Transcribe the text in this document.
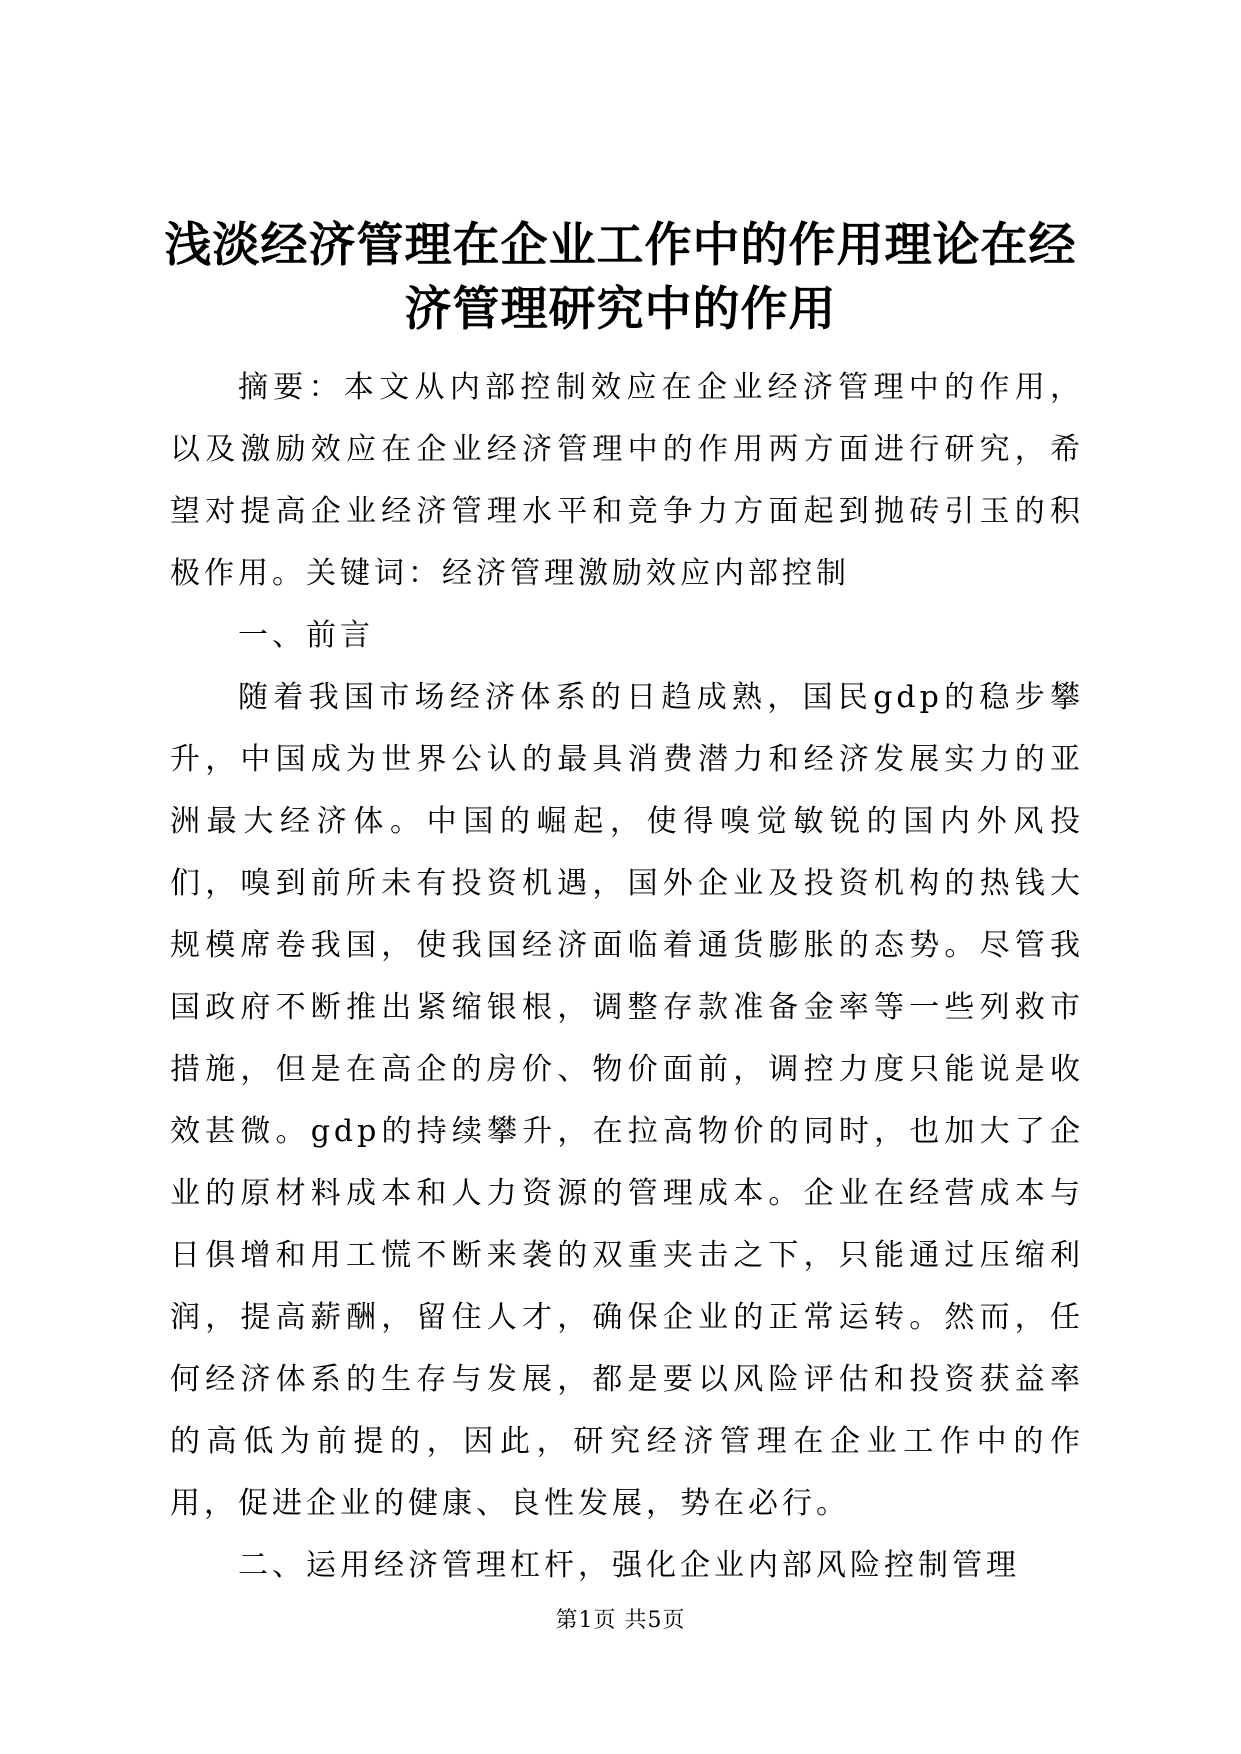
浅淡经济管理在企业工作中的作用理论在经济管理研究中的作用

摘要：本文从内部控制效应在企业经济管理中的作用，以及激励效应在企业经济管理中的作用两方面进行研究，希望对提高企业经济管理水平和竞争力方面起到抛砖引玉的积极作用。关键词：经济管理激励效应内部控制

一、前言

随着我国市场经济体系的日趋成熟，国民gdp的稳步攀升，中国成为世界公认的最具消费潜力和经济发展实力的亚洲最大经济体。中国的崛起，使得嗅觉敏锐的国内外风投们，嗅到前所未有投资机遇，国外企业及投资机构的热钱大规模席卷我国，使我国经济面临着通货膨胀的态势。尽管我国政府不断推出紧缩银根，调整存款准备金率等一些列救市措施，但是在高企的房价、物价面前，调控力度只能说是收效甚微。gdp的持续攀升，在拉高物价的同时，也加大了企业的原材料成本和人力资源的管理成本。企业在经营成本与日俱增和用工慌不断来袭的双重夹击之下，只能通过压缩利润，提高薪酬，留住人才，确保企业的正常运转。然而，任何经济体系的生存与发展，都是要以风险评估和投资获益率的高低为前提的，因此，研究经济管理在企业工作中的作用，促进企业的健康、良性发展，势在必行。

二、运用经济管理杠杆，强化企业内部风险控制管理

第1页 共5页
